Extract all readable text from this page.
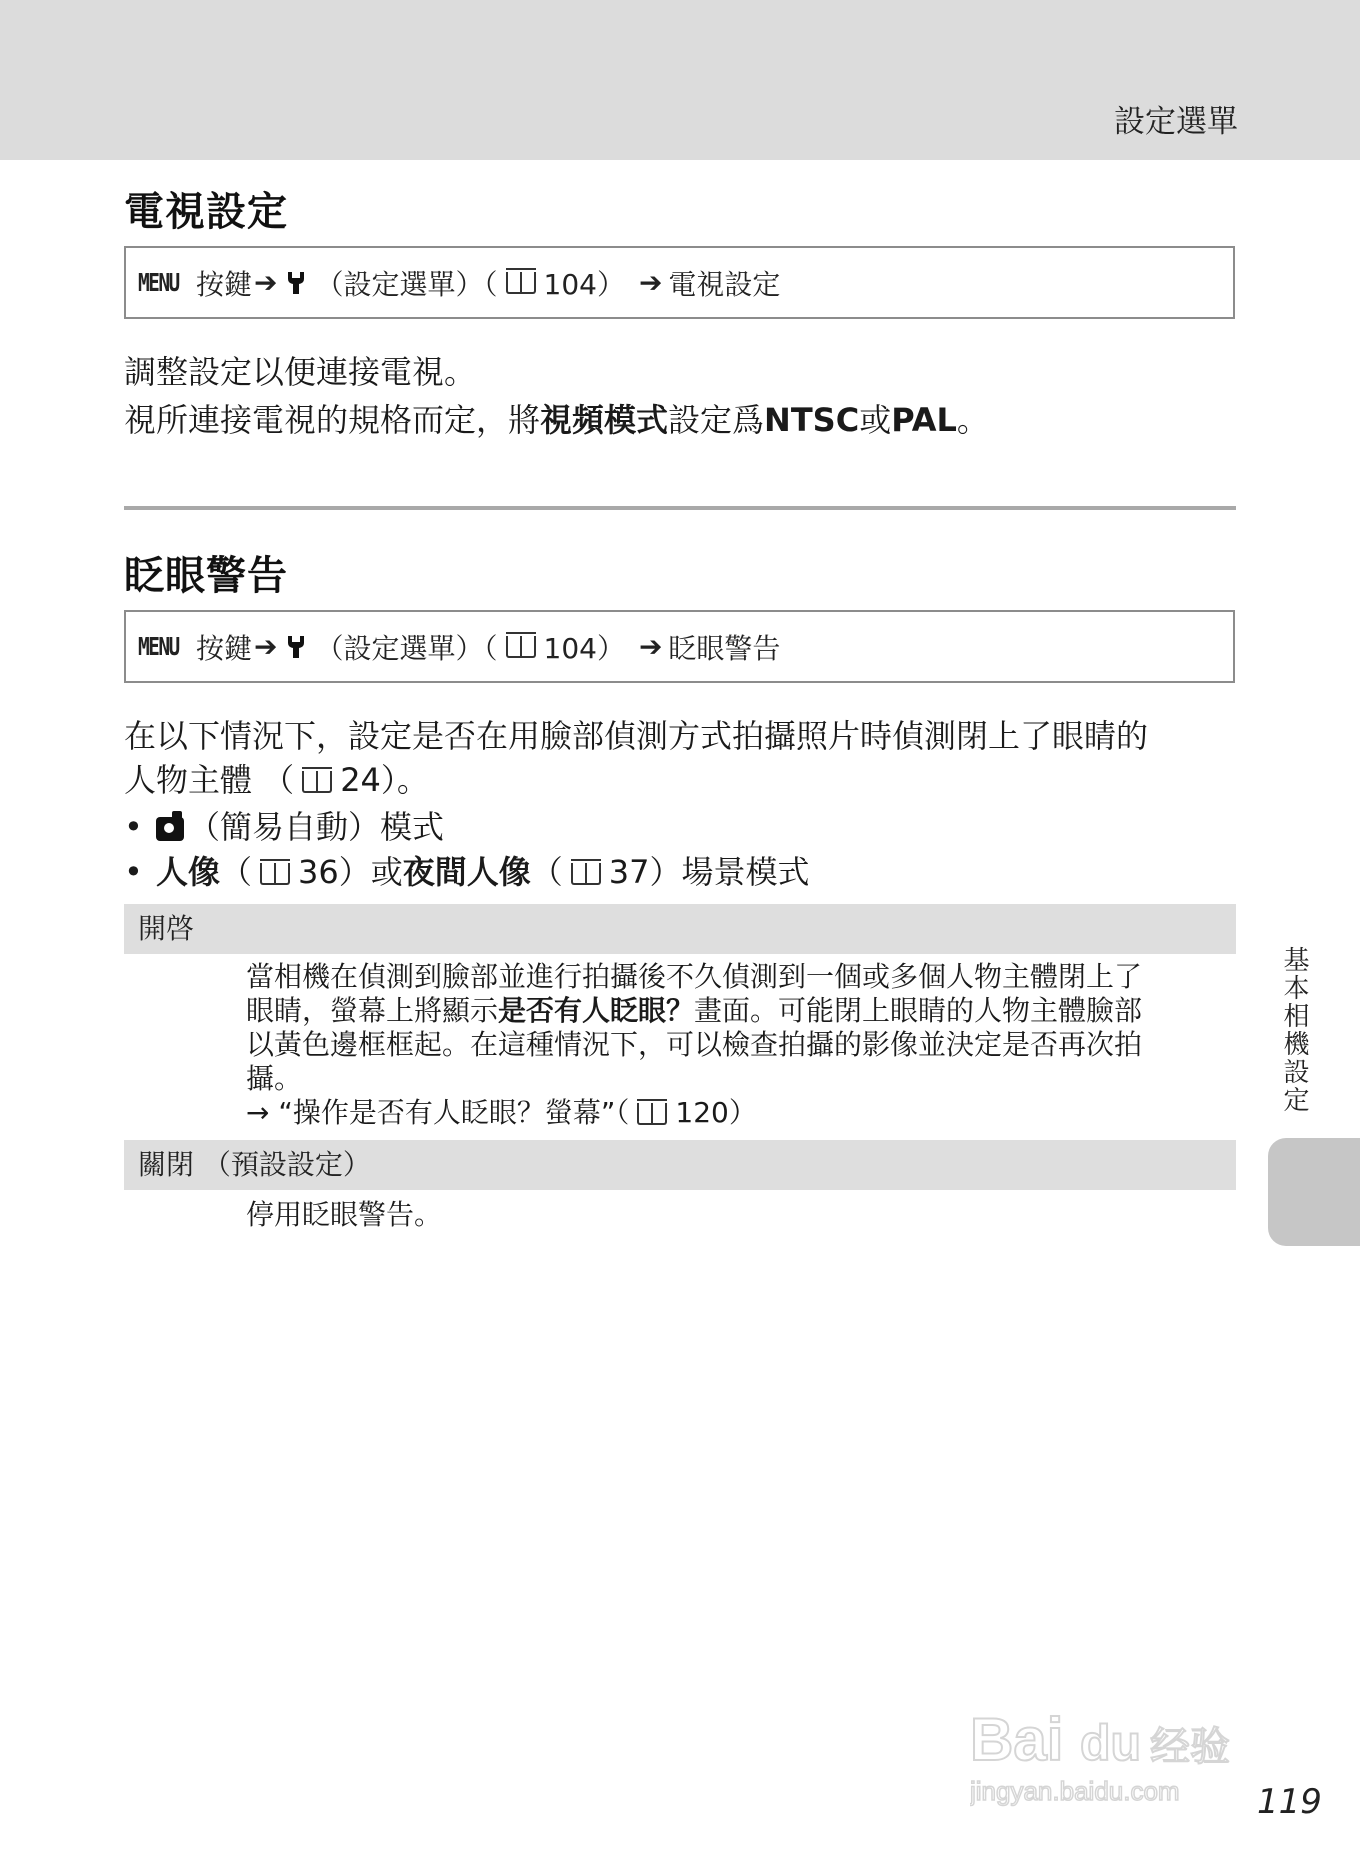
設定選單
電視設定
MENU 按鍵 ➔ （設定選單）（ 104） ➔ 電視設定
調整設定以便連接電視。
視所連接電視的規格而定，將視頻模式設定爲NTSC或PAL。
眨眼警告
MENU 按鍵 ➔ （設定選單）（ 104） ➔ 眨眼警告
在以下情況下，設定是否在用臉部偵測方式拍攝照片時偵測閉上了眼睛的
人物主體 （ 24）。
• （簡易自動）模式
• 人像（ 36）或夜間人像（ 37）場景模式
開啓
當相機在偵測到臉部並進行拍攝後不久偵測到一個或多個人物主體閉上了
眼睛，螢幕上將顯示是否有人眨眼？畫面。可能閉上眼睛的人物主體臉部
以黃色邊框框起。在這種情況下，可以檢查拍攝的影像並決定是否再次拍
攝。
→ “操作是否有人眨眼？螢幕”（ 120）
關閉 （預設設定）
停用眨眼警告。
基本相機設定
Bai du 经验
jingyan.baidu.com 119
